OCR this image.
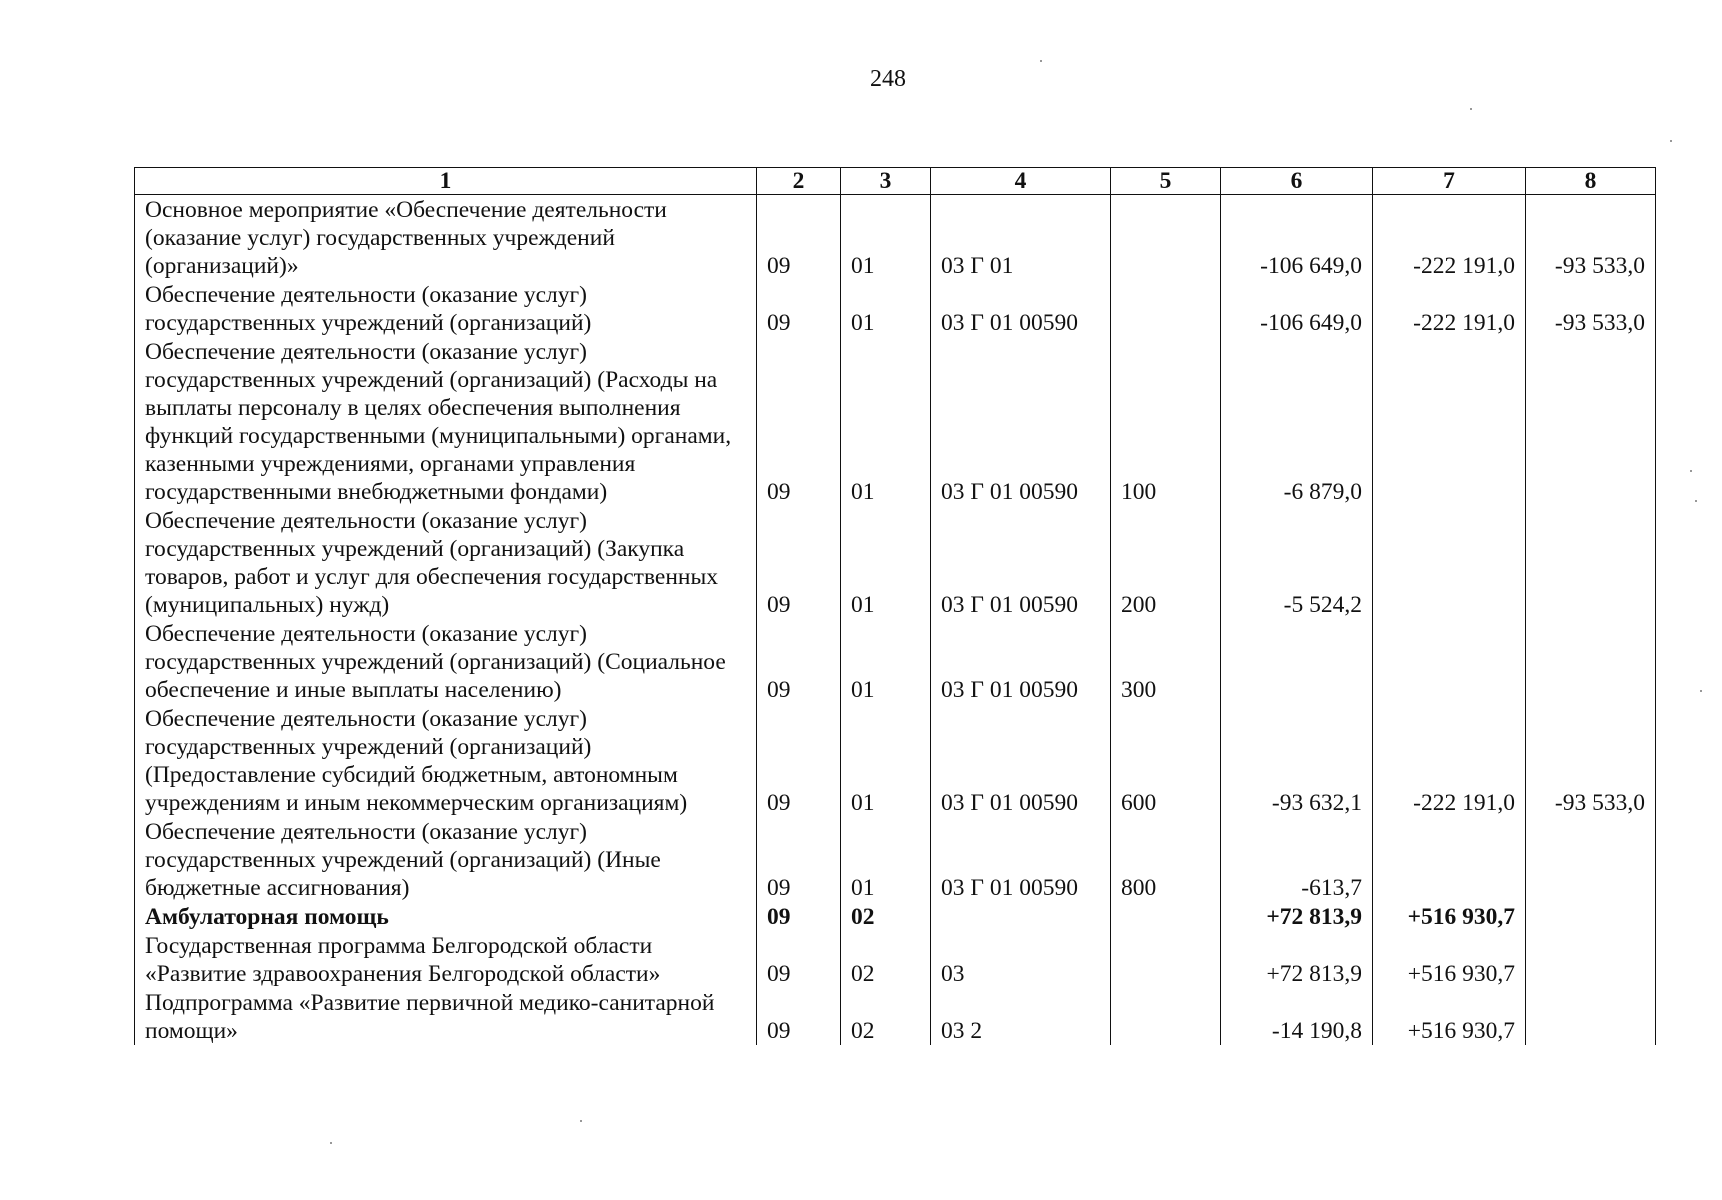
248
1	2	3	4	5	6	7	8
Основное мероприятие «Обеспечение деятельности (оказание услуг) государственных учреждений (организаций)»	09	01	03 Г 01		-106 649,0	-222 191,0	-93 533,0
Обеспечение деятельности (оказание услуг) государственных учреждений (организаций)	09	01	03 Г 01 00590		-106 649,0	-222 191,0	-93 533,0
Обеспечение деятельности (оказание услуг) государственных учреждений (организаций) (Расходы на выплаты персоналу в целях обеспечения выполнения функций государственными (муниципальными) органами, казенными учреждениями, органами управления государственными внебюджетными фондами)	09	01	03 Г 01 00590	100	-6 879,0		
Обеспечение деятельности (оказание услуг) государственных учреждений (организаций) (Закупка товаров, работ и услуг для обеспечения государственных (муниципальных) нужд)	09	01	03 Г 01 00590	200	-5 524,2		
Обеспечение деятельности (оказание услуг) государственных учреждений (организаций) (Социальное обеспечение и иные выплаты населению)	09	01	03 Г 01 00590	300			
Обеспечение деятельности (оказание услуг) государственных учреждений (организаций) (Предоставление субсидий бюджетным, автономным учреждениям и иным некоммерческим организациям)	09	01	03 Г 01 00590	600	-93 632,1	-222 191,0	-93 533,0
Обеспечение деятельности (оказание услуг) государственных учреждений (организаций) (Иные бюджетные ассигнования)	09	01	03 Г 01 00590	800	-613,7		
Амбулаторная помощь	09	02			+72 813,9	+516 930,7	
Государственная программа Белгородской области «Развитие здравоохранения Белгородской области»	09	02	03		+72 813,9	+516 930,7	
Подпрограмма «Развитие первичной медико-санитарной помощи»	09	02	03 2		-14 190,8	+516 930,7	
